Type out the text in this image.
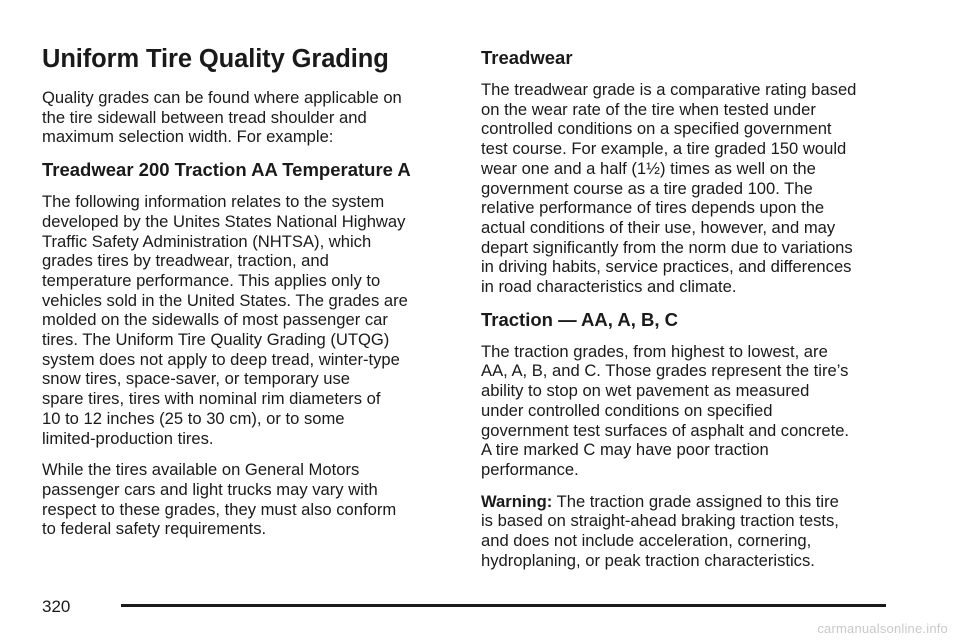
Uniform Tire Quality Grading

Quality grades can be found where applicable on
the tire sidewall between tread shoulder and
maximum selection width. For example:

Treadwear 200 Traction AA Temperature A

The following information relates to the system
developed by the Unites States National Highway
Traffic Safety Administration (NHTSA), which
grades tires by treadwear, traction, and
temperature performance. This applies only to
vehicles sold in the United States. The grades are
molded on the sidewalls of most passenger car
tires. The Uniform Tire Quality Grading (UTQG)
system does not apply to deep tread, winter-type
snow tires, space-saver, or temporary use
spare tires, tires with nominal rim diameters of
10 to 12 inches (25 to 30 cm), or to some
limited-production tires.

While the tires available on General Motors
passenger cars and light trucks may vary with
respect to these grades, they must also conform
to federal safety requirements.

Treadwear

The treadwear grade is a comparative rating based
on the wear rate of the tire when tested under
controlled conditions on a specified government
test course. For example, a tire graded 150 would
wear one and a half (1½) times as well on the
government course as a tire graded 100. The
relative performance of tires depends upon the
actual conditions of their use, however, and may
depart significantly from the norm due to variations
in driving habits, service practices, and differences
in road characteristics and climate.

Traction — AA, A, B, C

The traction grades, from highest to lowest, are
AA, A, B, and C. Those grades represent the tire’s
ability to stop on wet pavement as measured
under controlled conditions on specified
government test surfaces of asphalt and concrete.
A tire marked C may have poor traction
performance.

Warning: The traction grade assigned to this tire
is based on straight-ahead braking traction tests,
and does not include acceleration, cornering,
hydroplaning, or peak traction characteristics.

320
carmanualsonline.info
